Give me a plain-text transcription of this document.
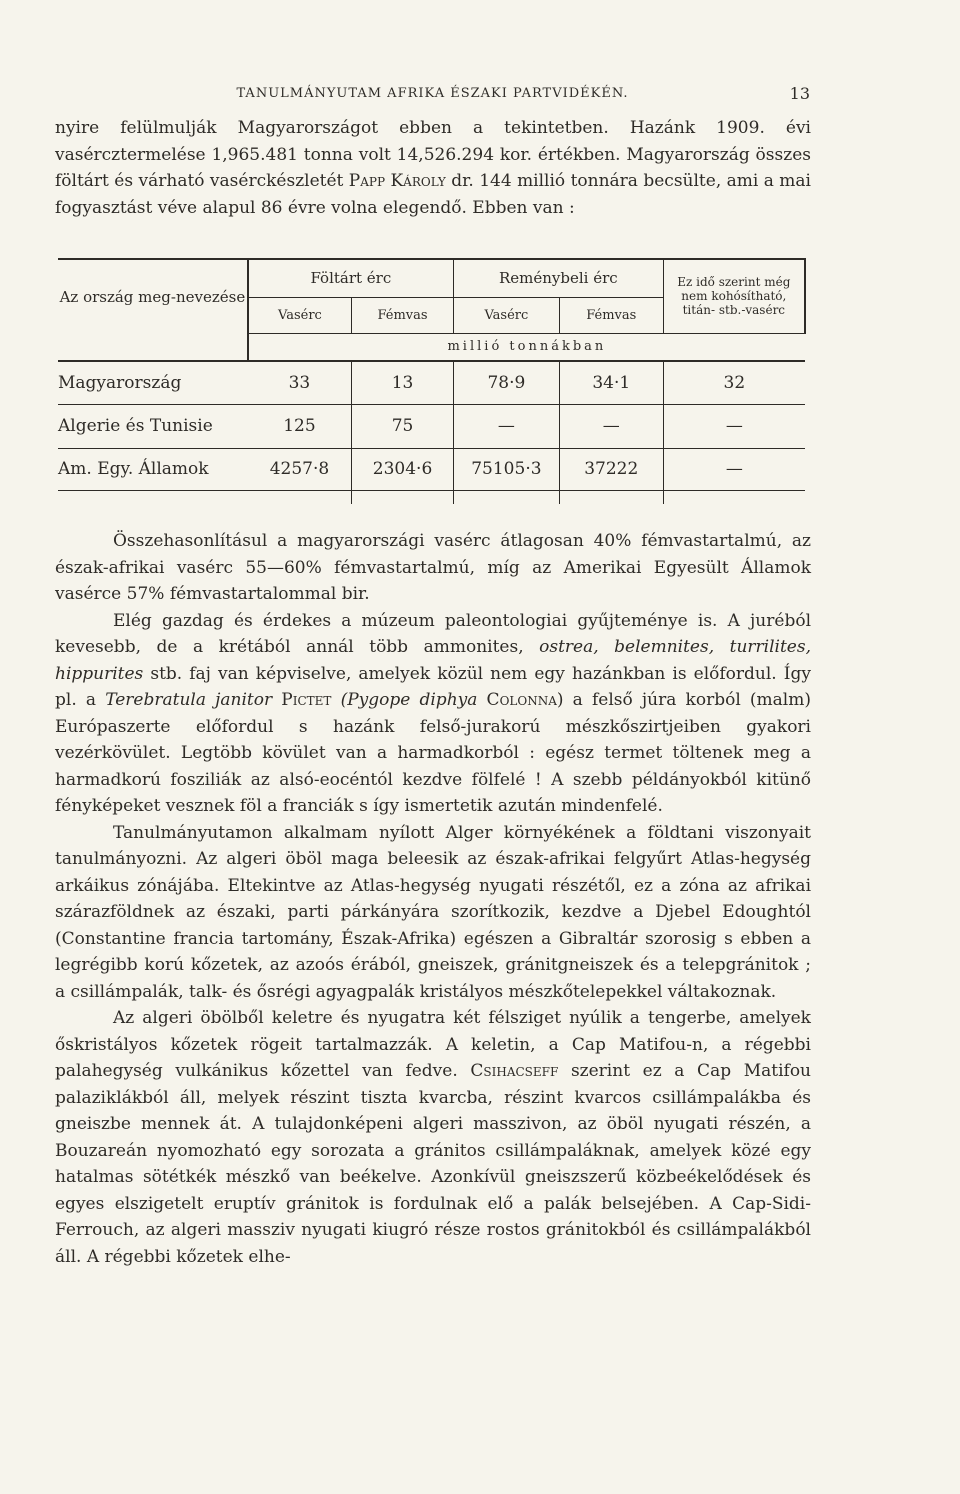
TANULMÁNYUTAM AFRIKA ÉSZAKI PARTVIDÉKÉN.	13

nyire felülmulják Magyarországot ebben a tekintetben. Hazánk 1909. évi vasércztermelése 1,965.481 tonna volt 14,526.294 kor. értékben. Magyarország összes föltárt és várható vasérckészletét Papp Károly dr. 144 millió tonnára becsülte, ami a mai fogyasztást véve alapul 86 évre volna elegendő. Ebben van :

Az ország meg-nevezése	Föltárt érc		Reménybeli érc		Ez idő szerint még nem kohósítható, titán- stb.-vasérc
	Vasérc	Fémvas	Vasérc	Fémvas	
	millió tonnákban				
Magyarország	33	13	78·9	34·1	32
Algerie és Tunisie	125	75	—	—	—
Am. Egy. Államok	4257·8	2304·6	75105·3	37222	—

Összehasonlításul a magyarországi vasérc átlagosan 40% fémvastartalmú, az észak-afrikai vasérc 55—60% fémvastartalmú, míg az Amerikai Egyesült Államok vasérce 57% fémvastartalommal bir.

Elég gazdag és érdekes a múzeum paleontologiai gyűjteménye is. A juréból kevesebb, de a krétából annál több ammonites, ostrea, belemnites, turrilites, hippurites stb. faj van képviselve, amelyek közül nem egy hazánkban is előfordul. Így pl. a Terebratula janitor Pictet (Pygope diphya Colonna) a felső júra korból (malm) Európaszerte előfordul s hazánk felső-jurakorú mészkőszirtjeiben gyakori vezérkövület. Legtöbb kövület van a harmadkorból : egész termet töltenek meg a harmadkorú fosziliák az alsó-eocéntól kezdve fölfelé ! A szebb példányokból kitünő fényképeket vesznek föl a franciák s így ismertetik azután mindenfelé.

Tanulmányutamon alkalmam nyílott Alger környékének a földtani viszonyait tanulmányozni. Az algeri öböl maga beleesik az észak-afrikai felgyűrt Atlas-hegység arkáikus zónájába. Eltekintve az Atlas-hegység nyugati részétől, ez a zóna az afrikai szárazföldnek az északi, parti párkányára szorítkozik, kezdve a Djebel Edoughtól (Constantine francia tartomány, Észak-Afrika) egészen a Gibraltár szorosig s ebben a legrégibb korú kőzetek, az azoós érából, gneiszek, gránitgneiszek és a telepgránitok ; a csillámpalák, talk- és ősrégi agyagpalák kristályos mészkőtelepekkel váltakoznak.

Az algeri öbölből keletre és nyugatra két félsziget nyúlik a tengerbe, amelyek őskristályos kőzetek rögeit tartalmazzák. A keletin, a Cap Matifou-n, a régebbi palahegység vulkánikus kőzettel van fedve. Csihacseff szerint ez a Cap Matifou palaziklákból áll, melyek részint tiszta kvarcba, részint kvarcos csillámpalákba és gneiszbe mennek át. A tulajdonképeni algeri masszivon, az öböl nyugati részén, a Bouzareán nyomozható egy sorozata a gránitos csillámpaláknak, amelyek közé egy hatalmas sötétkék mészkő van beékelve. Azonkívül gneiszszerű közbeékelődések és egyes elszigetelt eruptív gránitok is fordulnak elő a palák belsejében. A Cap-Sidi-Ferrouch, az algeri massziv nyugati kiugró része rostos gránitokból és csillámpalákból áll. A régebbi kőzetek elhe-
